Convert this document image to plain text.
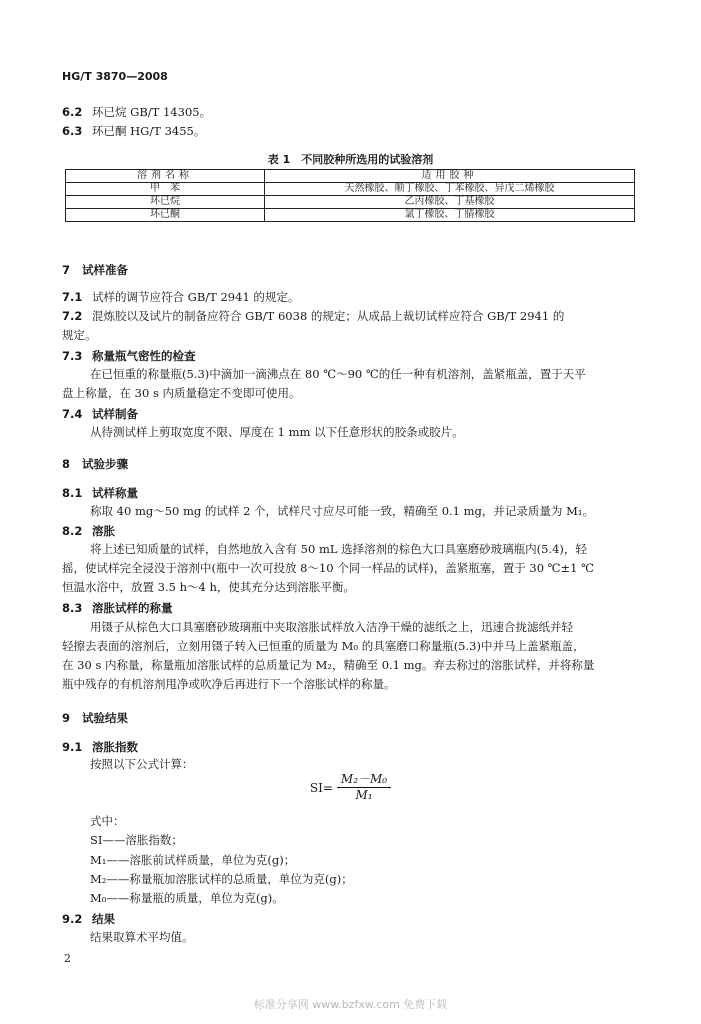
HG/T 3870—2008
6.2 环已烷 GB/T 14305。
6.3 环已酮 HG/T 3455。
表 1　不同胶种所选用的试验溶剂
溶剂名称	适用胶种
甲　苯	天然橡胶、顺丁橡胶、丁苯橡胶、异戊二烯橡胶
环已烷	乙丙橡胶、丁基橡胶
环已酮	氯丁橡胶、丁腈橡胶
7 试样准备
7.1 试样的调节应符合 GB/T 2941 的规定。
7.2 混炼胶以及试片的制备应符合 GB/T 6038 的规定；从成品上裁切试样应符合 GB/T 2941 的
规定。
7.3 称量瓶气密性的检查
在已恒重的称量瓶(5.3)中滴加一滴沸点在 80 ℃～90 ℃的任一种有机溶剂，盖紧瓶盖，置于天平
盘上称量，在 30 s 内质量稳定不变即可使用。
7.4 试样制备
从待测试样上剪取宽度不限、厚度在 1 mm 以下任意形状的胶条或胶片。
8 试验步骤
8.1 试样称量
称取 40 mg～50 mg 的试样 2 个，试样尺寸应尽可能一致，精确至 0.1 mg，并记录质量为 M₁。
8.2 溶胀
将上述已知质量的试样，自然地放入含有 50 mL 选择溶剂的棕色大口具塞磨砂玻璃瓶内(5.4)，轻
摇，使试样完全浸没于溶剂中(瓶中一次可投放 8～10 个同一样品的试样)，盖紧瓶塞，置于 30 ℃±1 ℃
恒温水浴中，放置 3.5 h～4 h，使其充分达到溶胀平衡。
8.3 溶胀试样的称量
用镊子从棕色大口具塞磨砂玻璃瓶中夹取溶胀试样放入洁净干燥的滤纸之上，迅速合拢滤纸并轻
轻擦去表面的溶剂后，立刻用镊子转入已恒重的质量为 M₀ 的具塞磨口称量瓶(5.3)中并马上盖紧瓶盖，
在 30 s 内称量，称量瓶加溶胀试样的总质量记为 M₂，精确至 0.1 mg。弃去称过的溶胀试样，并将称量
瓶中残存的有机溶剂甩净或吹净后再进行下一个溶胀试样的称量。
9 试验结果
9.1 溶胀指数
按照以下公式计算：
$SI= \frac{\text{M₂－M₀}}{\text{M₁}}$
式中：
SI——溶胀指数；
M₁——溶胀前试样质量，单位为克(g)；
M₂——称量瓶加溶胀试样的总质量，单位为克(g)；
M₀——称量瓶的质量，单位为克(g)。
9.2 结果
结果取算术平均值。
2
标准分享网 www.bzfxw.com 免费下载
